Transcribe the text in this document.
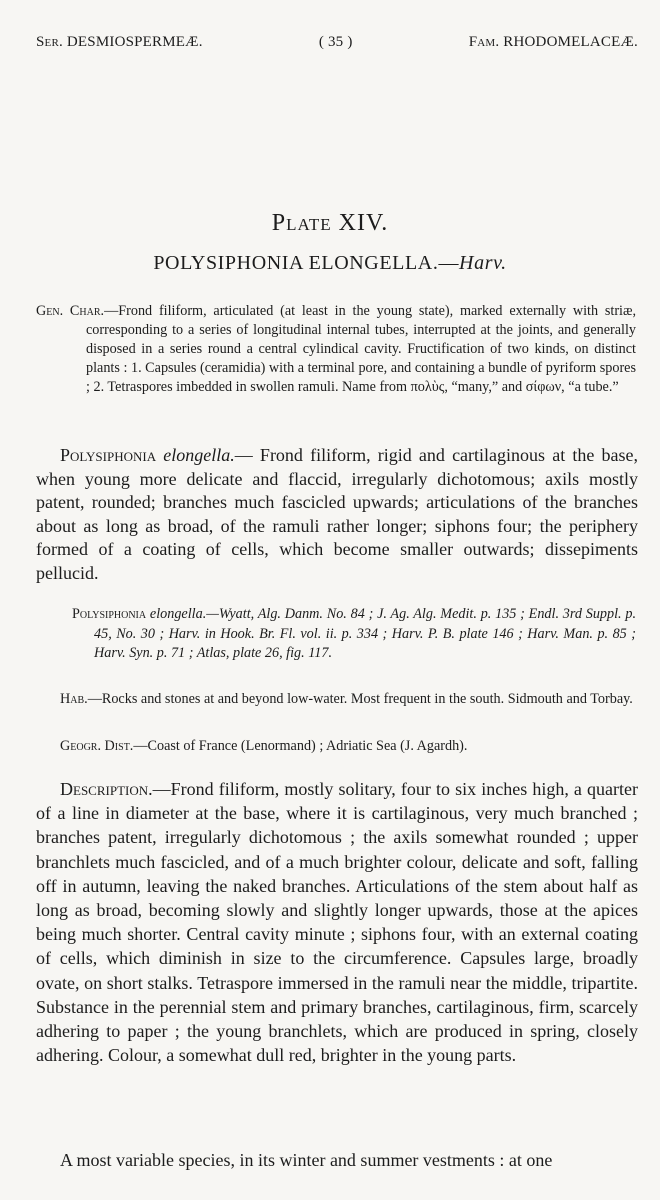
Ser. DESMIOSPERMEÆ.	( 35 )	Fam. RHODOMELACEÆ.
Plate XIV.
POLYSIPHONIA ELONGELLA.—Harv.
Gen. Char.—Frond filiform, articulated (at least in the young state), marked externally with striæ, corresponding to a series of longitudinal internal tubes, interrupted at the joints, and generally disposed in a series round a central cylindical cavity. Fructification of two kinds, on distinct plants : 1. Capsules (ceramidia) with a terminal pore, and containing a bundle of pyriform spores ; 2. Tetraspores imbedded in swollen ramuli. Name from πολὺς, “many,” and σίφων, “a tube.”
Polysiphonia elongella.— Frond filiform, rigid and cartilaginous at the base, when young more delicate and flaccid, irregularly dichotomous; axils mostly patent, rounded; branches much fascicled upwards; articulations of the branches about as long as broad, of the ramuli rather longer; siphons four; the periphery formed of a coating of cells, which become smaller outwards; dissepiments pellucid.
Polysiphonia elongella.—Wyatt, Alg. Danm. No. 84 ; J. Ag. Alg. Medit. p. 135 ; Endl. 3rd Suppl. p. 45, No. 30 ; Harv. in Hook. Br. Fl. vol. ii. p. 334 ; Harv. P. B. plate 146 ; Harv. Man. p. 85 ; Harv. Syn. p. 71 ; Atlas, plate 26, fig. 117.
Hab.—Rocks and stones at and beyond low-water. Most frequent in the south. Sidmouth and Torbay.
Geogr. Dist.—Coast of France (Lenormand) ; Adriatic Sea (J. Agardh).
Description.—Frond filiform, mostly solitary, four to six inches high, a quarter of a line in diameter at the base, where it is cartilaginous, very much branched ; branches patent, irregularly dichotomous ; the axils somewhat rounded ; upper branchlets much fascicled, and of a much brighter colour, delicate and soft, falling off in autumn, leaving the naked branches. Articulations of the stem about half as long as broad, becoming slowly and slightly longer upwards, those at the apices being much shorter. Central cavity minute ; siphons four, with an external coating of cells, which diminish in size to the circumference. Capsules large, broadly ovate, on short stalks. Tetraspore immersed in the ramuli near the middle, tripartite. Substance in the perennial stem and primary branches, cartilaginous, firm, scarcely adhering to paper ; the young branchlets, which are produced in spring, closely adhering. Colour, a somewhat dull red, brighter in the young parts.
A most variable species, in its winter and summer vestments : at one
